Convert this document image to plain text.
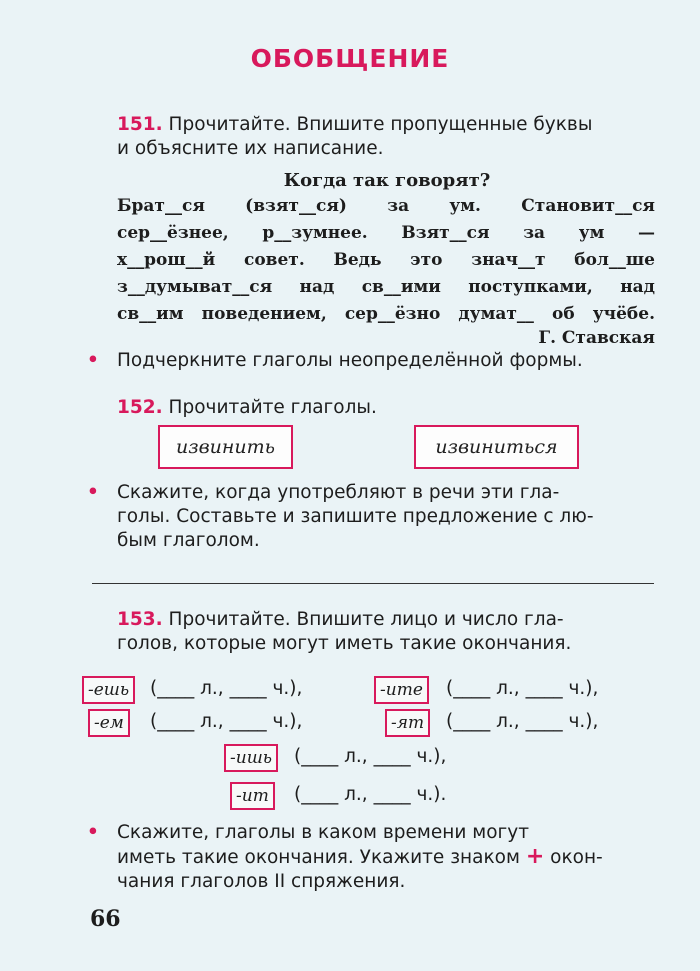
ОБОБЩЕНИЕ
151. Прочитайте. Впишите пропущенные буквы
и объясните их написание.
Когда так говорят?
Брат__ся (взят__ся) за ум. Становит__ся
сер__ёзнее, р__зумнее. Взят__ся за ум —
х__рош__й совет. Ведь это знач__т бол__ше
з__думыват__ся над св__ими поступками, над
св__им поведением, сер__ёзно думат__ об учёбе.
Г. Ставская
• Подчеркните глаголы неопределённой формы.
152. Прочитайте глаголы.
извинить	извиниться
• Скажите, когда употребляют в речи эти гла-
голы. Составьте и запишите предложение с лю-
бым глаголом.
153. Прочитайте. Впишите лицо и число гла-
голов, которые могут иметь такие окончания.
-ешь	(____ л., ____ ч.),	-ите	(____ л., ____ ч.),
-ем	(____ л., ____ ч.),	-ят	(____ л., ____ ч.),
-ишь	(____ л., ____ ч.),
-ит	(____ л., ____ ч.).
• Скажите, глаголы в каком времени могут
иметь такие окончания. Укажите знаком + окон-
чания глаголов II спряжения.
66
